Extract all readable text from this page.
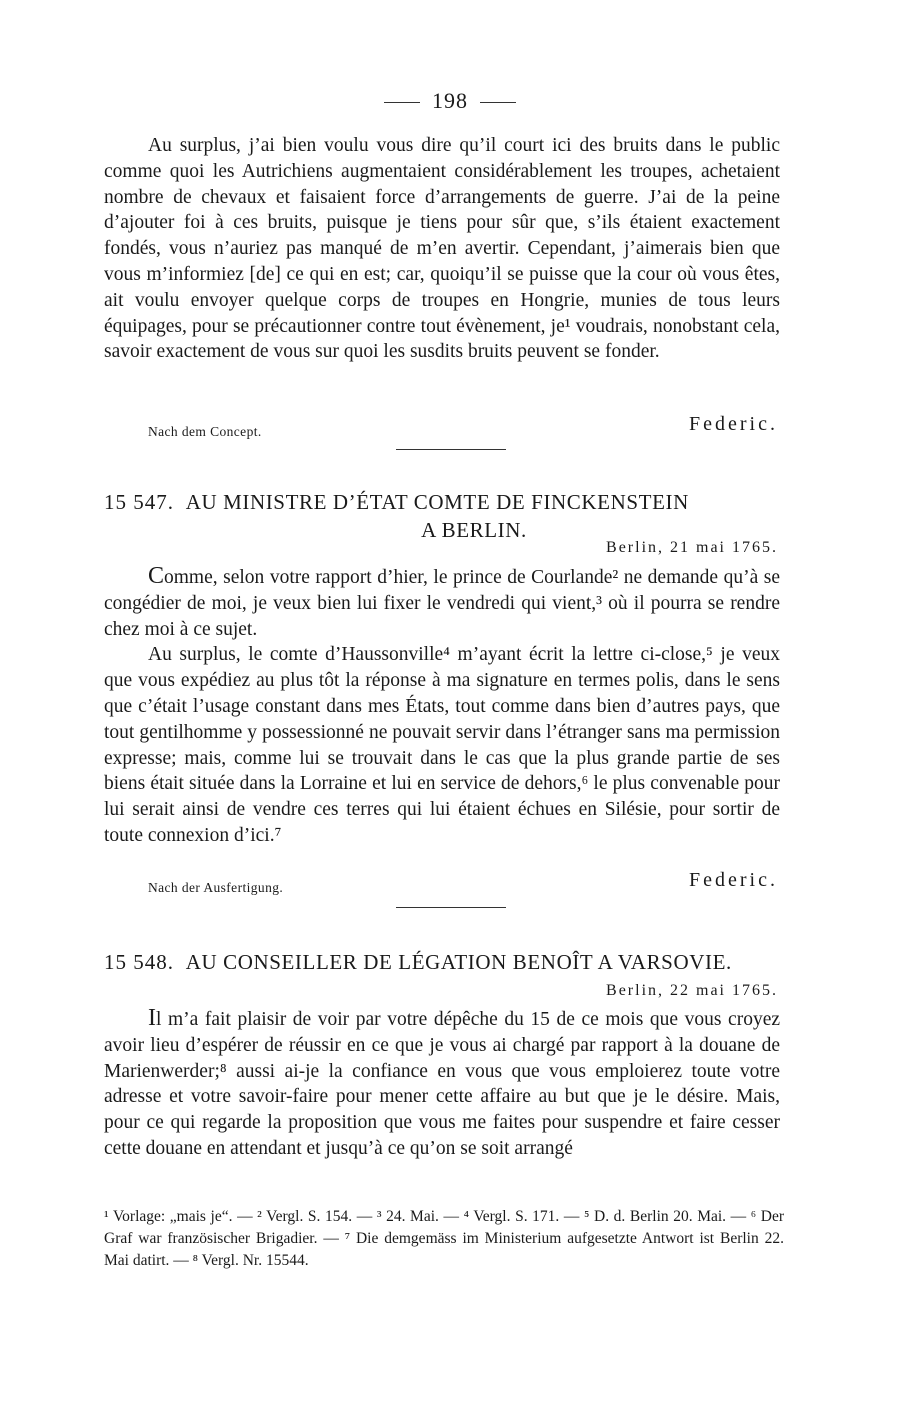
198

Au surplus, j’ai bien voulu vous dire qu’il court ici des bruits dans le public comme quoi les Autrichiens augmentaient considérablement les troupes, achetaient nombre de chevaux et faisaient force d’arrangements de guerre. J’ai de la peine d’ajouter foi à ces bruits, puisque je tiens pour sûr que, s’ils étaient exactement fondés, vous n’auriez pas manqué de m’en avertir. Cependant, j’aimerais bien que vous m’informiez [de] ce qui en est; car, quoiqu’il se puisse que la cour où vous êtes, ait voulu envoyer quelque corps de troupes en Hongrie, munies de tous leurs équipages, pour se précautionner contre tout évènement, je¹ voudrais, nonobstant cela, savoir exactement de vous sur quoi les susdits bruits peuvent se fonder.

Nach dem Concept.	Federic.
15 547. AU MINISTRE D’ÉTAT COMTE DE FINCKENSTEIN
A BERLIN.
Berlin, 21 mai 1765.

Comme, selon votre rapport d’hier, le prince de Courlande² ne demande qu’à se congédier de moi, je veux bien lui fixer le vendredi qui vient,³ où il pourra se rendre chez moi à ce sujet.

Au surplus, le comte d’Haussonville⁴ m’ayant écrit la lettre ci-close,⁵ je veux que vous expédiez au plus tôt la réponse à ma signature en termes polis, dans le sens que c’était l’usage constant dans mes États, tout comme dans bien d’autres pays, que tout gentilhomme y possessionné ne pouvait servir dans l’étranger sans ma permission expresse; mais, comme lui se trouvait dans le cas que la plus grande partie de ses biens était située dans la Lorraine et lui en service de dehors,⁶ le plus convenable pour lui serait ainsi de vendre ces terres qui lui étaient échues en Silésie, pour sortir de toute connexion d’ici.⁷

Nach der Ausfertigung.	Federic.
15 548. AU CONSEILLER DE LÉGATION BENOÎT A VARSOVIE.
Berlin, 22 mai 1765.

Il m’a fait plaisir de voir par votre dépêche du 15 de ce mois que vous croyez avoir lieu d’espérer de réussir en ce que je vous ai chargé par rapport à la douane de Marienwerder;⁸ aussi ai-je la confiance en vous que vous emploierez toute votre adresse et votre savoir-faire pour mener cette affaire au but que je le désire. Mais, pour ce qui regarde la proposition que vous me faites pour suspendre et faire cesser cette douane en attendant et jusqu’à ce qu’on se soit arrangé

¹ Vorlage: „mais je“. — ² Vergl. S. 154. — ³ 24. Mai. — ⁴ Vergl. S. 171. — ⁵ D. d. Berlin 20. Mai. — ⁶ Der Graf war französischer Brigadier. — ⁷ Die demgemäss im Ministerium aufgesetzte Antwort ist Berlin 22. Mai datirt. — ⁸ Vergl. Nr. 15544.
